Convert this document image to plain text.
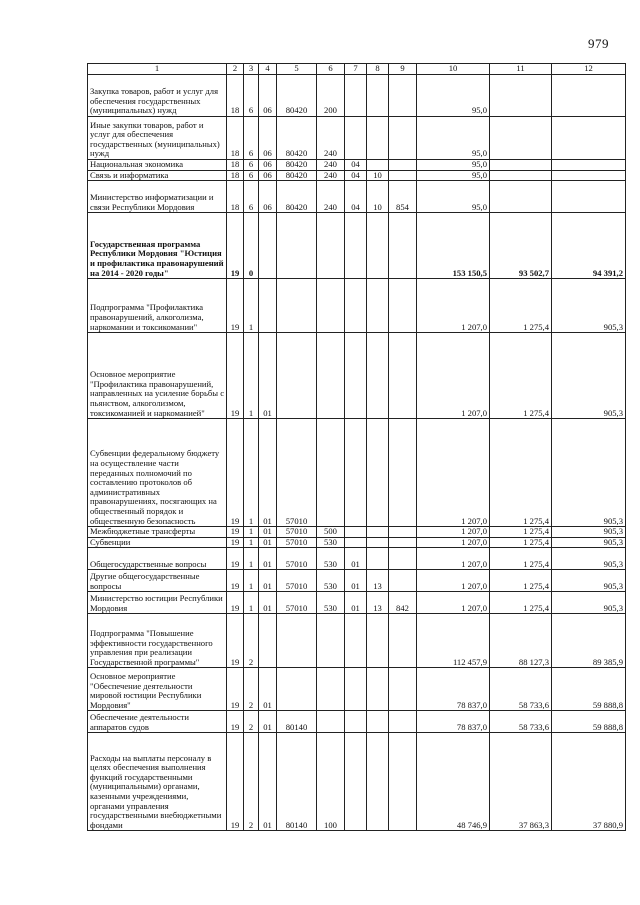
979
1	2	3	4	5	6	7	8	9	10	11	12
Закупка товаров, работ и услуг для обеспечения государственных (муниципальных) нужд	18	6	06	80420	200				95,0		
Иные закупки товаров, работ и услуг для обеспечения государственных (муниципальных) нужд	18	6	06	80420	240				95,0		
Национальная экономика	18	6	06	80420	240	04			95,0		
Связь и информатика	18	6	06	80420	240	04	10		95,0		
Министерство информатизации и связи Республики Мордовия	18	6	06	80420	240	04	10	854	95,0		
Государственная программа Республики Мордовия "Юстиция и профилактика правонарушений на 2014 - 2020 годы"	19	0							153 150,5	93 502,7	94 391,2
Подпрограмма "Профилактика правонарушений, алкоголизма, наркомании и токсикомании"	19	1							1 207,0	1 275,4	905,3
Основное мероприятие "Профилактика правонарушений, направленных на усиление борьбы с пьянством, алкоголизмом, токсикоманией и наркоманией"	19	1	01						1 207,0	1 275,4	905,3
Субвенции федеральному бюджету на осуществление части переданных полномочий по составлению протоколов об административных правонарушениях, посягающих на общественный порядок и общественную безопасность	19	1	01	57010					1 207,0	1 275,4	905,3
Межбюджетные трансферты	19	1	01	57010	500				1 207,0	1 275,4	905,3
Субвенции	19	1	01	57010	530				1 207,0	1 275,4	905,3
Общегосударственные вопросы	19	1	01	57010	530	01			1 207,0	1 275,4	905,3
Другие общегосударственные вопросы	19	1	01	57010	530	01	13		1 207,0	1 275,4	905,3
Министерство юстиции Республики Мордовия	19	1	01	57010	530	01	13	842	1 207,0	1 275,4	905,3
Подпрограмма "Повышение эффективности государственного управления при реализации Государственной программы"	19	2							112 457,9	88 127,3	89 385,9
Основное мероприятие "Обеспечение деятельности мировой юстиции Республики Мордовия"	19	2	01						78 837,0	58 733,6	59 888,8
Обеспечение деятельности аппаратов судов	19	2	01	80140					78 837,0	58 733,6	59 888,8
Расходы на выплаты персоналу в целях обеспечения выполнения функций государственными (муниципальными) органами, казенными учреждениями, органами управления государственными внебюджетными фондами	19	2	01	80140	100				48 746,9	37 863,3	37 880,9
